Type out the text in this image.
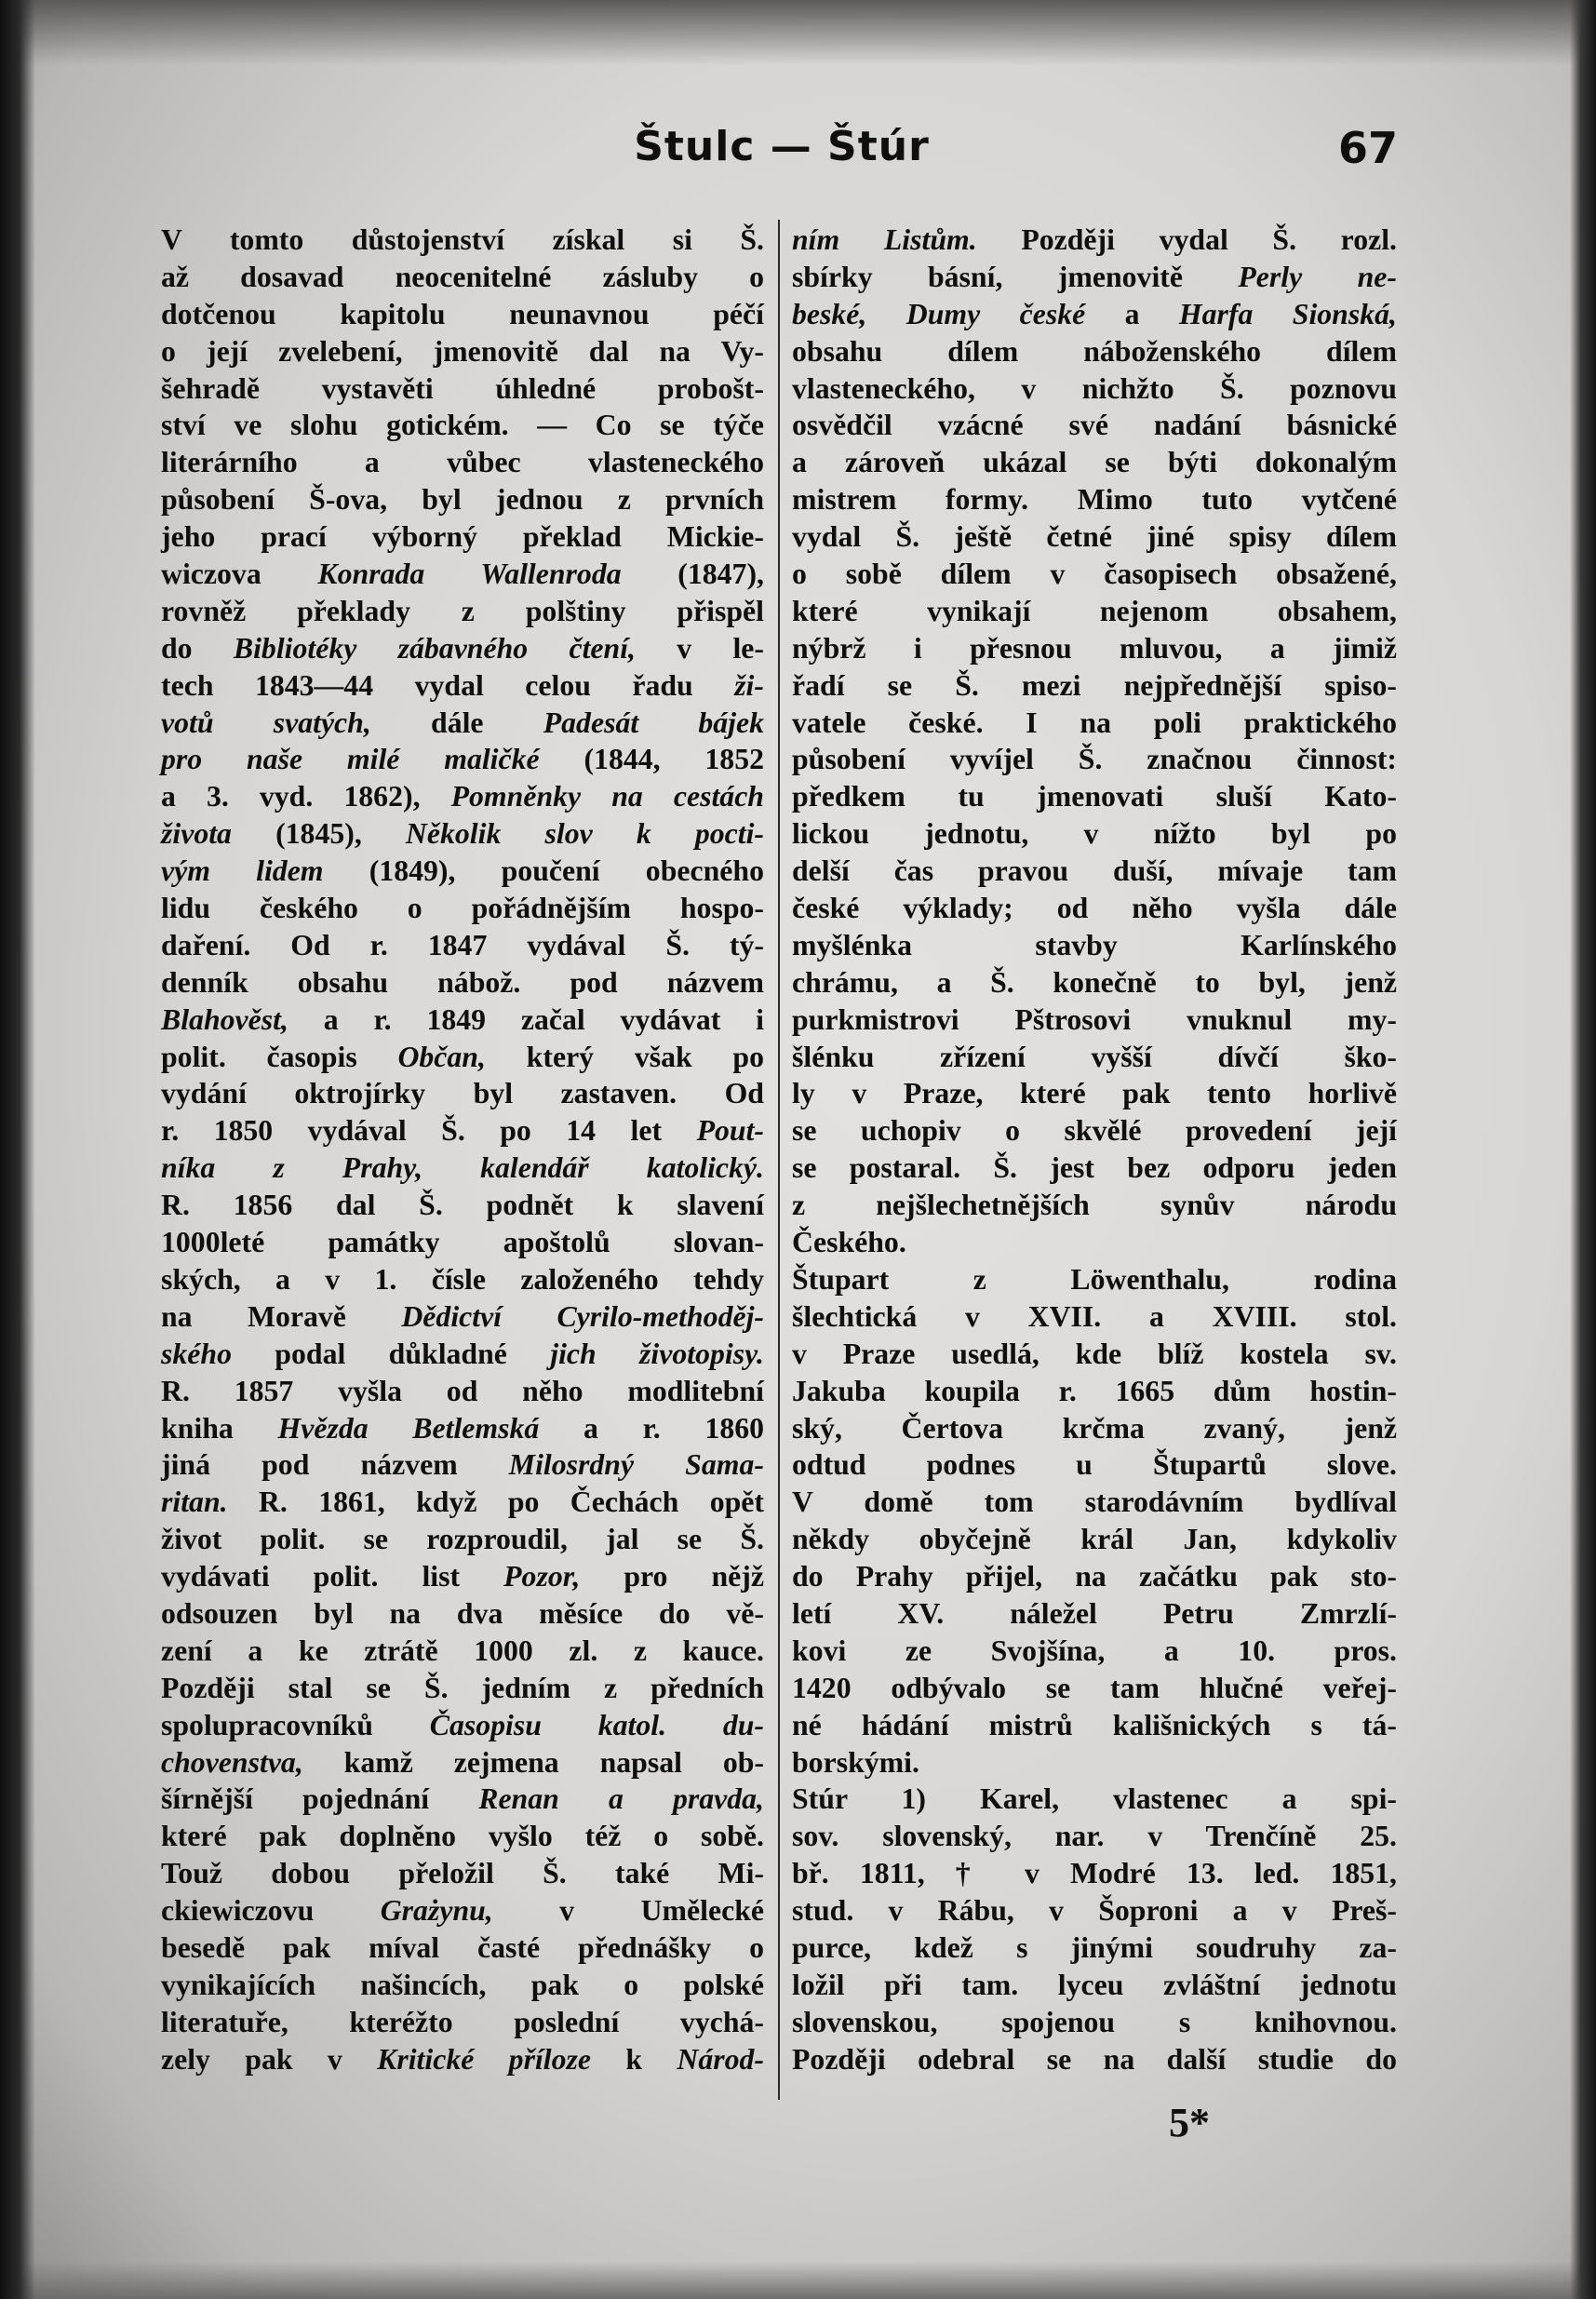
Štulc — Štúr	67
V tomto důstojenství získal si Š.
až dosavad neocenitelné zásluby o
dotčenou kapitolu neunavnou péčí
o její zvelebení, jmenovitě dal na Vy-
šehradě vystavěti úhledné probošt-
ství ve slohu gotickém. — Co se týče
literárního a vůbec vlasteneckého
působení Š-ova, byl jednou z prvních
jeho prací výborný překlad Mickie-
wiczova Konrada Wallenroda (1847),
rovněž překlady z polštiny přispěl
do Bibliotéky zábavného čtení, v le-
tech 1843—44 vydal celou řadu ži-
votů svatých, dále Padesát bájek
pro naše milé maličké (1844, 1852
a 3. vyd. 1862), Pomněnky na cestách
života (1845), Několik slov k pocti-
vým lidem (1849), poučení obecného
lidu českého o pořádnějším hospo-
daření. Od r. 1847 vydával Š. tý-
denník obsahu nábož. pod názvem
Blahověst, a r. 1849 začal vydávat i
polit. časopis Občan, který však po
vydání oktrojírky byl zastaven. Od
r. 1850 vydával Š. po 14 let Pout-
níka z Prahy, kalendář katolický.
R. 1856 dal Š. podnět k slavení
1000leté památky apoštolů slovan-
ských, a v 1. čísle založeného tehdy
na Moravě Dědictví Cyrilo-methoděj-
ského podal důkladné jich životopisy.
R. 1857 vyšla od něho modlitební
kniha Hvězda Betlemská a r. 1860
jiná pod názvem Milosrdný Sama-
ritan. R. 1861, když po Čechách opět
život polit. se rozproudil, jal se Š.
vydávati polit. list Pozor, pro nějž
odsouzen byl na dva měsíce do vě-
zení a ke ztrátě 1000 zl. z kauce.
Později stal se Š. jedním z předních
spolupracovníků Časopisu katol. du-
chovenstva, kamž zejmena napsal ob-
šírnější pojednání Renan a pravda,
které pak doplněno vyšlo též o sobě.
Touž dobou přeložil Š. také Mi-
ckiewiczovu Grażynu, v Umělecké
besedě pak míval časté přednášky o
vynikajících našincích, pak o polské
literatuře, kteréžto poslední vychá-
zely pak v Kritické příloze k Národ-
ním Listům. Později vydal Š. rozl.
sbírky básní, jmenovitě Perly ne-
beské, Dumy české a Harfa Sionská,
obsahu dílem náboženského dílem
vlasteneckého, v nichžto Š. poznovu
osvědčil vzácné své nadání básnické
a zároveň ukázal se býti dokonalým
mistrem formy. Mimo tuto vytčené
vydal Š. ještě četné jiné spisy dílem
o sobě dílem v časopisech obsažené,
které vynikají nejenom obsahem,
nýbrž i přesnou mluvou, a jimiž
řadí se Š. mezi nejpřednější spiso-
vatele české. I na poli praktického
působení vyvíjel Š. značnou činnost:
předkem tu jmenovati sluší Kato-
lickou jednotu, v nížto byl po
delší čas pravou duší, mívaje tam
české výklady; od něho vyšla dále
myšlénka stavby Karlínského
chrámu, a Š. konečně to byl, jenž
purkmistrovi Pštrosovi vnuknul my-
šlénku zřízení vyšší dívčí ško-
ly v Praze, které pak tento horlivě
se uchopiv o skvělé provedení její
se postaral. Š. jest bez odporu jeden
z nejšlechetnějších synův národu
Českého.
Štupart z Löwenthalu, rodina
šlechtická v XVII. a XVIII. stol.
v Praze usedlá, kde blíž kostela sv.
Jakuba koupila r. 1665 dům hostin-
ský, Čertova krčma zvaný, jenž
odtud podnes u Štupartů slove.
V domě tom starodávním bydlíval
někdy obyčejně král Jan, kdykoliv
do Prahy přijel, na začátku pak sto-
letí XV. náležel Petru Zmrzlí-
kovi ze Svojšína, a 10. pros.
1420 odbývalo se tam hlučné veřej-
né hádání mistrů kališnických s tá-
borskými.
Stúr 1) Karel, vlastenec a spi-
sov. slovenský, nar. v Trenčíně 25.
bř. 1811, † v Modré 13. led. 1851,
stud. v Rábu, v Šoproni a v Preš-
purce, kdež s jinými soudruhy za-
ložil při tam. lyceu zvláštní jednotu
slovenskou, spojenou s knihovnou.
Později odebral se na další studie do
5*
